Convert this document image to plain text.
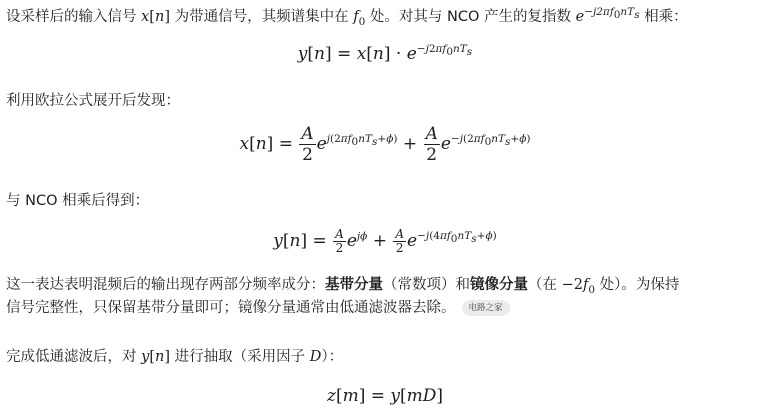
设采样后的输入信号 x[n] 为带通信号，其频谱集中在 $f_0$ 处。对其与 NCO 产生的复指数 $e^{-j2\pi f_0nT_s}$ 相乘：
$y[n] = x[n] \cdot e^{-j2\pi f_0nT_s}$
利用欧拉公式展开后发现：
$x[n] = \frac{A}{2} e^{j(2\pi f_0nT_s+\phi)} + \frac{A}{2} e^{-j(2\pi f_0nT_s+\phi)}$
与 NCO 相乘后得到：
$y[n] = \frac{A}{2} e^{j\phi} + \frac{A}{2} e^{-j(4\pi f_0nT_s+\phi)}$
这一表达表明混频后的输出现存两部分频率成分：基带分量（常数项）和镜像分量（在 $-2f_0$ 处）。为保持
信号完整性，只保留基带分量即可；镜像分量通常由低通滤波器去除。 电路之家
完成低通滤波后，对 y[n] 进行抽取（采用因子 D）：
z[m] = y[mD]
